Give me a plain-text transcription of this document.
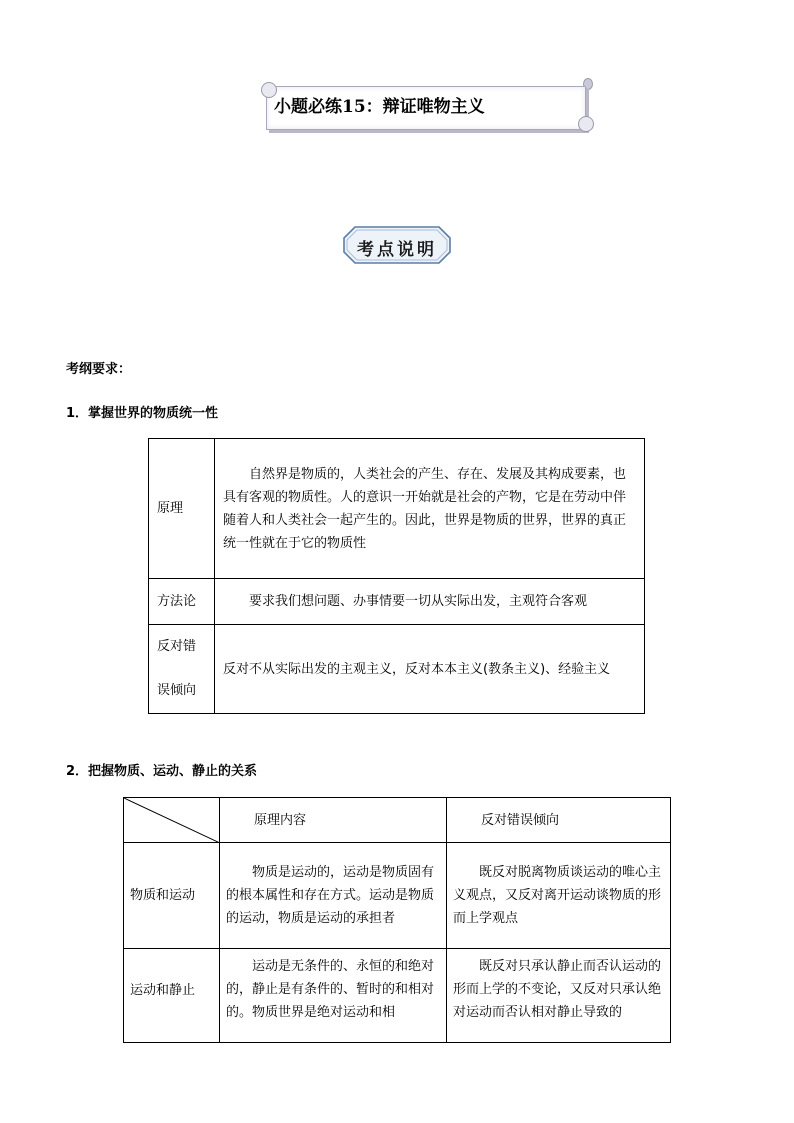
小题必练15：辩证唯物主义
考点说明
考纲要求：
1．掌握世界的物质统一性
原理	自然界是物质的，人类社会的产生、存在、发展及其构成要素，也具有客观的物质性。人的意识一开始就是社会的产物，它是在劳动中伴随着人和人类社会一起产生的。因此，世界是物质的世界，世界的真正统一性就在于它的物质性
方法论	要求我们想问题、办事情要一切从实际出发，主观符合客观
反对错误倾向	反对不从实际出发的主观主义，反对本本主义(教条主义)、经验主义
2．把握物质、运动、静止的关系
	原理内容	反对错误倾向
物质和运动	物质是运动的，运动是物质固有的根本属性和存在方式。运动是物质的运动，物质是运动的承担者	既反对脱离物质谈运动的唯心主义观点，又反对离开运动谈物质的形而上学观点
运动和静止	运动是无条件的、永恒的和绝对的，静止是有条件的、暂时的和相对的。物质世界是绝对运动和相	既反对只承认静止而否认运动的形而上学的不变论，又反对只承认绝对运动而否认相对静止导致的
